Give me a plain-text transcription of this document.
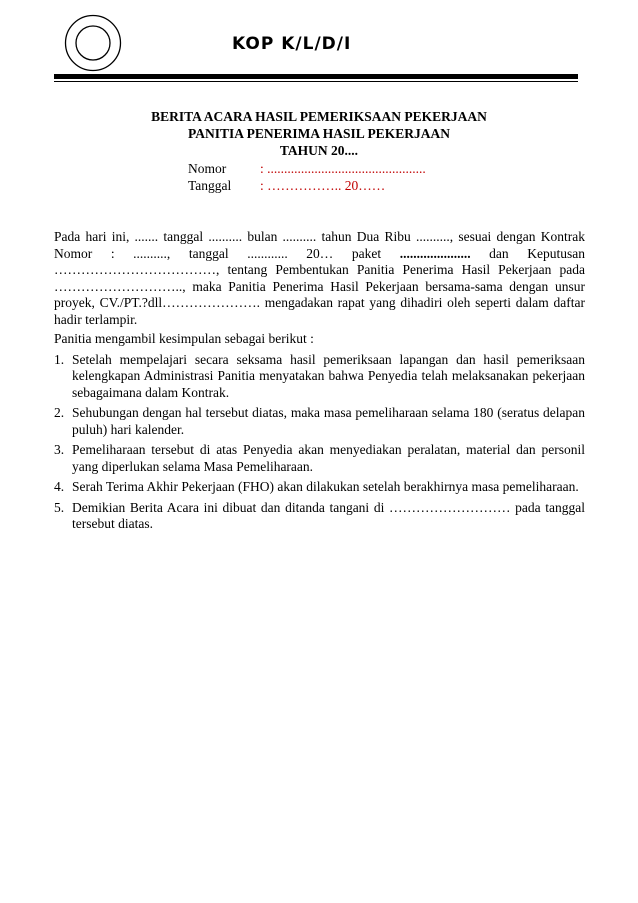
KOP K/L/D/I
BERITA ACARA HASIL PEMERIKSAAN PEKERJAAN
PANITIA PENERIMA HASIL PEKERJAAN
TAHUN 20....
Nomor	: ...............................................
Tanggal : …………….. 20……

Pada hari ini, ....... tanggal .......... bulan .......... tahun Dua Ribu .........., sesuai dengan Kontrak Nomor : .........., tanggal ............ 20… paket ..................... dan Keputusan ………………………………, tentang Pembentukan Panitia Penerima Hasil Pekerjaan pada ……………………….., maka Panitia Penerima Hasil Pekerjaan bersama-sama dengan unsur proyek, CV./PT.?dll…………………. mengadakan rapat yang dihadiri oleh seperti dalam daftar hadir terlampir.

Panitia mengambil kesimpulan sebagai berikut :

1. Setelah mempelajari secara seksama hasil pemeriksaan lapangan dan hasil pemeriksaan kelengkapan Administrasi Panitia menyatakan bahwa Penyedia telah melaksanakan pekerjaan sebagaimana dalam Kontrak.
2. Sehubungan dengan hal tersebut diatas, maka masa pemeliharaan selama 180 (seratus delapan puluh) hari kalender.
3. Pemeliharaan tersebut di atas Penyedia akan menyediakan peralatan, material dan personil yang diperlukan selama Masa Pemeliharaan.
4. Serah Terima Akhir Pekerjaan (FHO) akan dilakukan setelah berakhirnya masa pemeliharaan.
5. Demikian Berita Acara ini dibuat dan ditanda tangani di ……………………… pada tanggal tersebut diatas.
